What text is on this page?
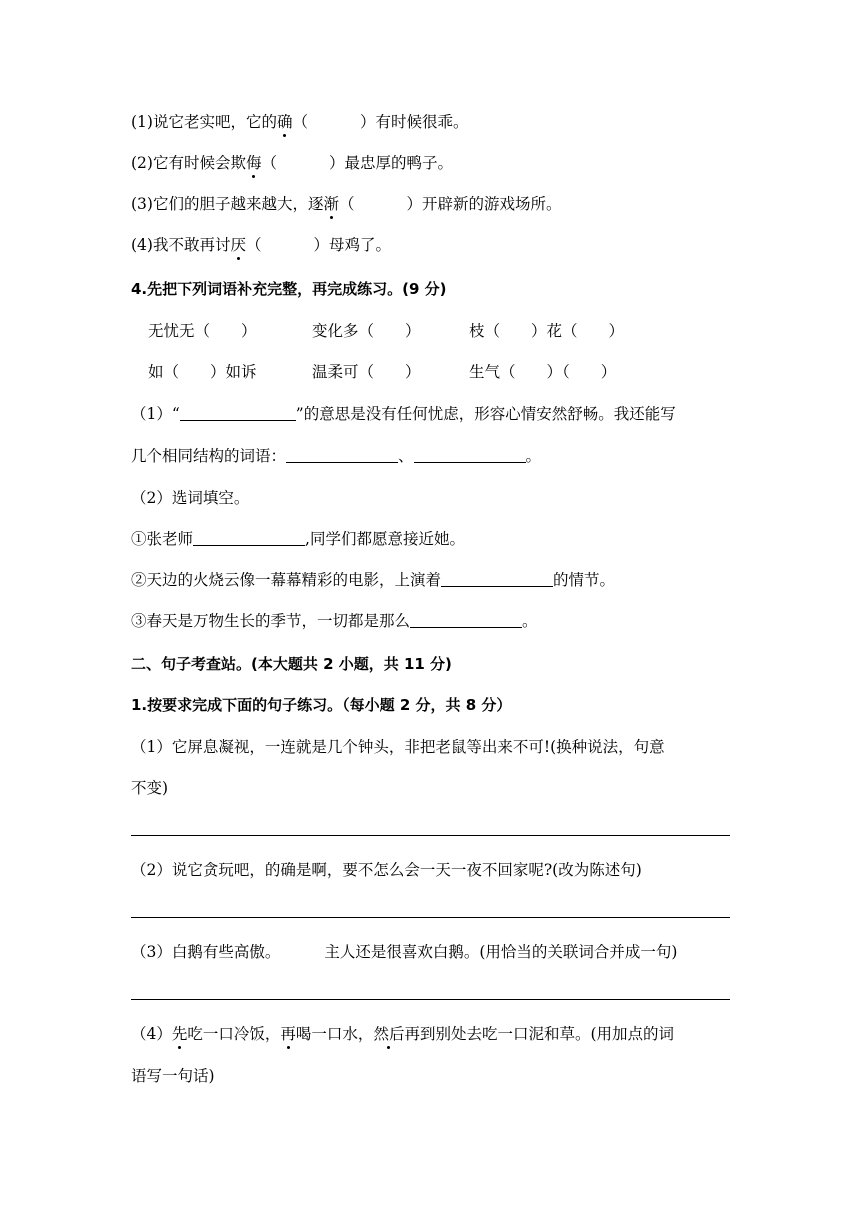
(1)说它老实吧，它的确（	）有时候很乖。
(2)它有时候会欺侮（	）最忠厚的鸭子。
(3)它们的胆子越来越大，逐渐（	）开辟新的游戏场所。
(4)我不敢再讨厌（	）母鸡了。
4.先把下列词语补充完整，再完成练习。(9 分)
无忧无（　　）	变化多（　　）	枝（　　）花（　　）
如（　　）如诉	温柔可（　　）	生气（　　）（　　）
（1）“	”的意思是没有任何忧虑，形容心情安然舒畅。我还能写
几个相同结构的词语：	、	。
（2）选词填空。
①张老师	,同学们都愿意接近她。
②天边的火烧云像一幕幕精彩的电影，上演着	的情节。
③春天是万物生长的季节，一切都是那么	。
二、句子考查站。(本大题共 2 小题，共 11 分)
1.按要求完成下面的句子练习。（每小题 2 分，共 8 分）
（1）它屏息凝视，一连就是几个钟头，非把老鼠等出来不可!(换种说法，句意
不变)
（2）说它贪玩吧，的确是啊，要不怎么会一天一夜不回家呢?(改为陈述句)
（3）白鹅有些高傲。	主人还是很喜欢白鹅。(用恰当的关联词合并成一句)
（4）先吃一口冷饭，再喝一口水，然后再到别处去吃一口泥和草。(用加点的词
语写一句话)
